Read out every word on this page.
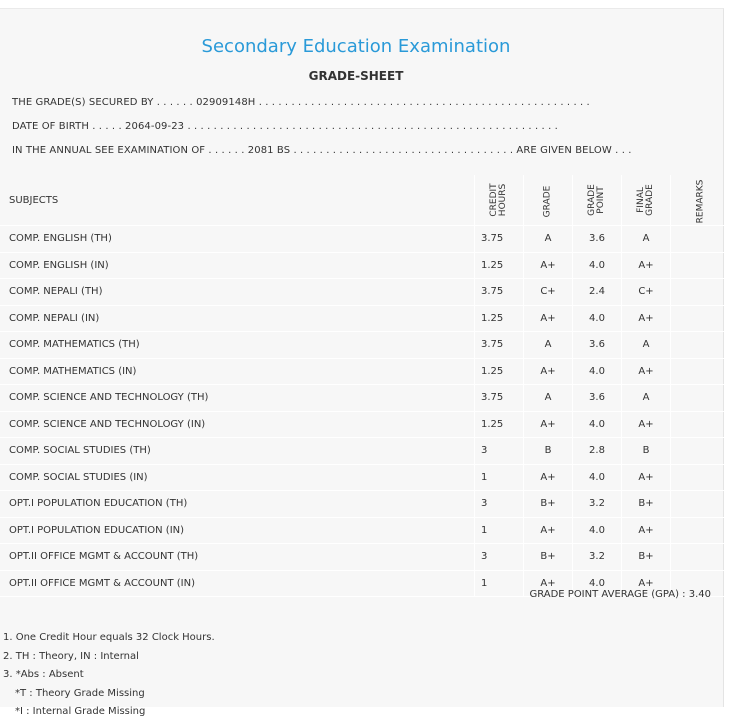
Secondary Education Examination
GRADE-SHEET
THE GRADE(S) SECURED BY . . . . . . 02909148H . . . . . . . . . . . . . . . . . . . . . . . . . . . . . . . . . . . . . . . . . . . . . . . . . . .
DATE OF BIRTH . . . . . 2064-09-23 . . . . . . . . . . . . . . . . . . . . . . . . . . . . . . . . . . . . . . . . . . . . . . . . . . . . . . . . .
IN THE ANNUAL SEE EXAMINATION OF . . . . . . 2081 BS . . . . . . . . . . . . . . . . . . . . . . . . . . . . . . . . . . ARE GIVEN BELOW . . .
SUBJECTS	CREDIT HOURS	GRADE	GRADE POINT	FINAL GRADE	REMARKS
COMP. ENGLISH (TH)	3.75	A	3.6	A	
COMP. ENGLISH (IN)	1.25	A+	4.0	A+	
COMP. NEPALI (TH)	3.75	C+	2.4	C+	
COMP. NEPALI (IN)	1.25	A+	4.0	A+	
COMP. MATHEMATICS (TH)	3.75	A	3.6	A	
COMP. MATHEMATICS (IN)	1.25	A+	4.0	A+	
COMP. SCIENCE AND TECHNOLOGY (TH)	3.75	A	3.6	A	
COMP. SCIENCE AND TECHNOLOGY (IN)	1.25	A+	4.0	A+	
COMP. SOCIAL STUDIES (TH)	3	B	2.8	B	
COMP. SOCIAL STUDIES (IN)	1	A+	4.0	A+	
OPT.I POPULATION EDUCATION (TH)	3	B+	3.2	B+	
OPT.I POPULATION EDUCATION (IN)	1	A+	4.0	A+	
OPT.II OFFICE MGMT & ACCOUNT (TH)	3	B+	3.2	B+	
OPT.II OFFICE MGMT & ACCOUNT (IN)	1	A+	4.0	A+	
GRADE POINT AVERAGE (GPA) : 3.40
1. One Credit Hour equals 32 Clock Hours.
2. TH : Theory, IN : Internal
3. *Abs : Absent
*T : Theory Grade Missing
*I : Internal Grade Missing
